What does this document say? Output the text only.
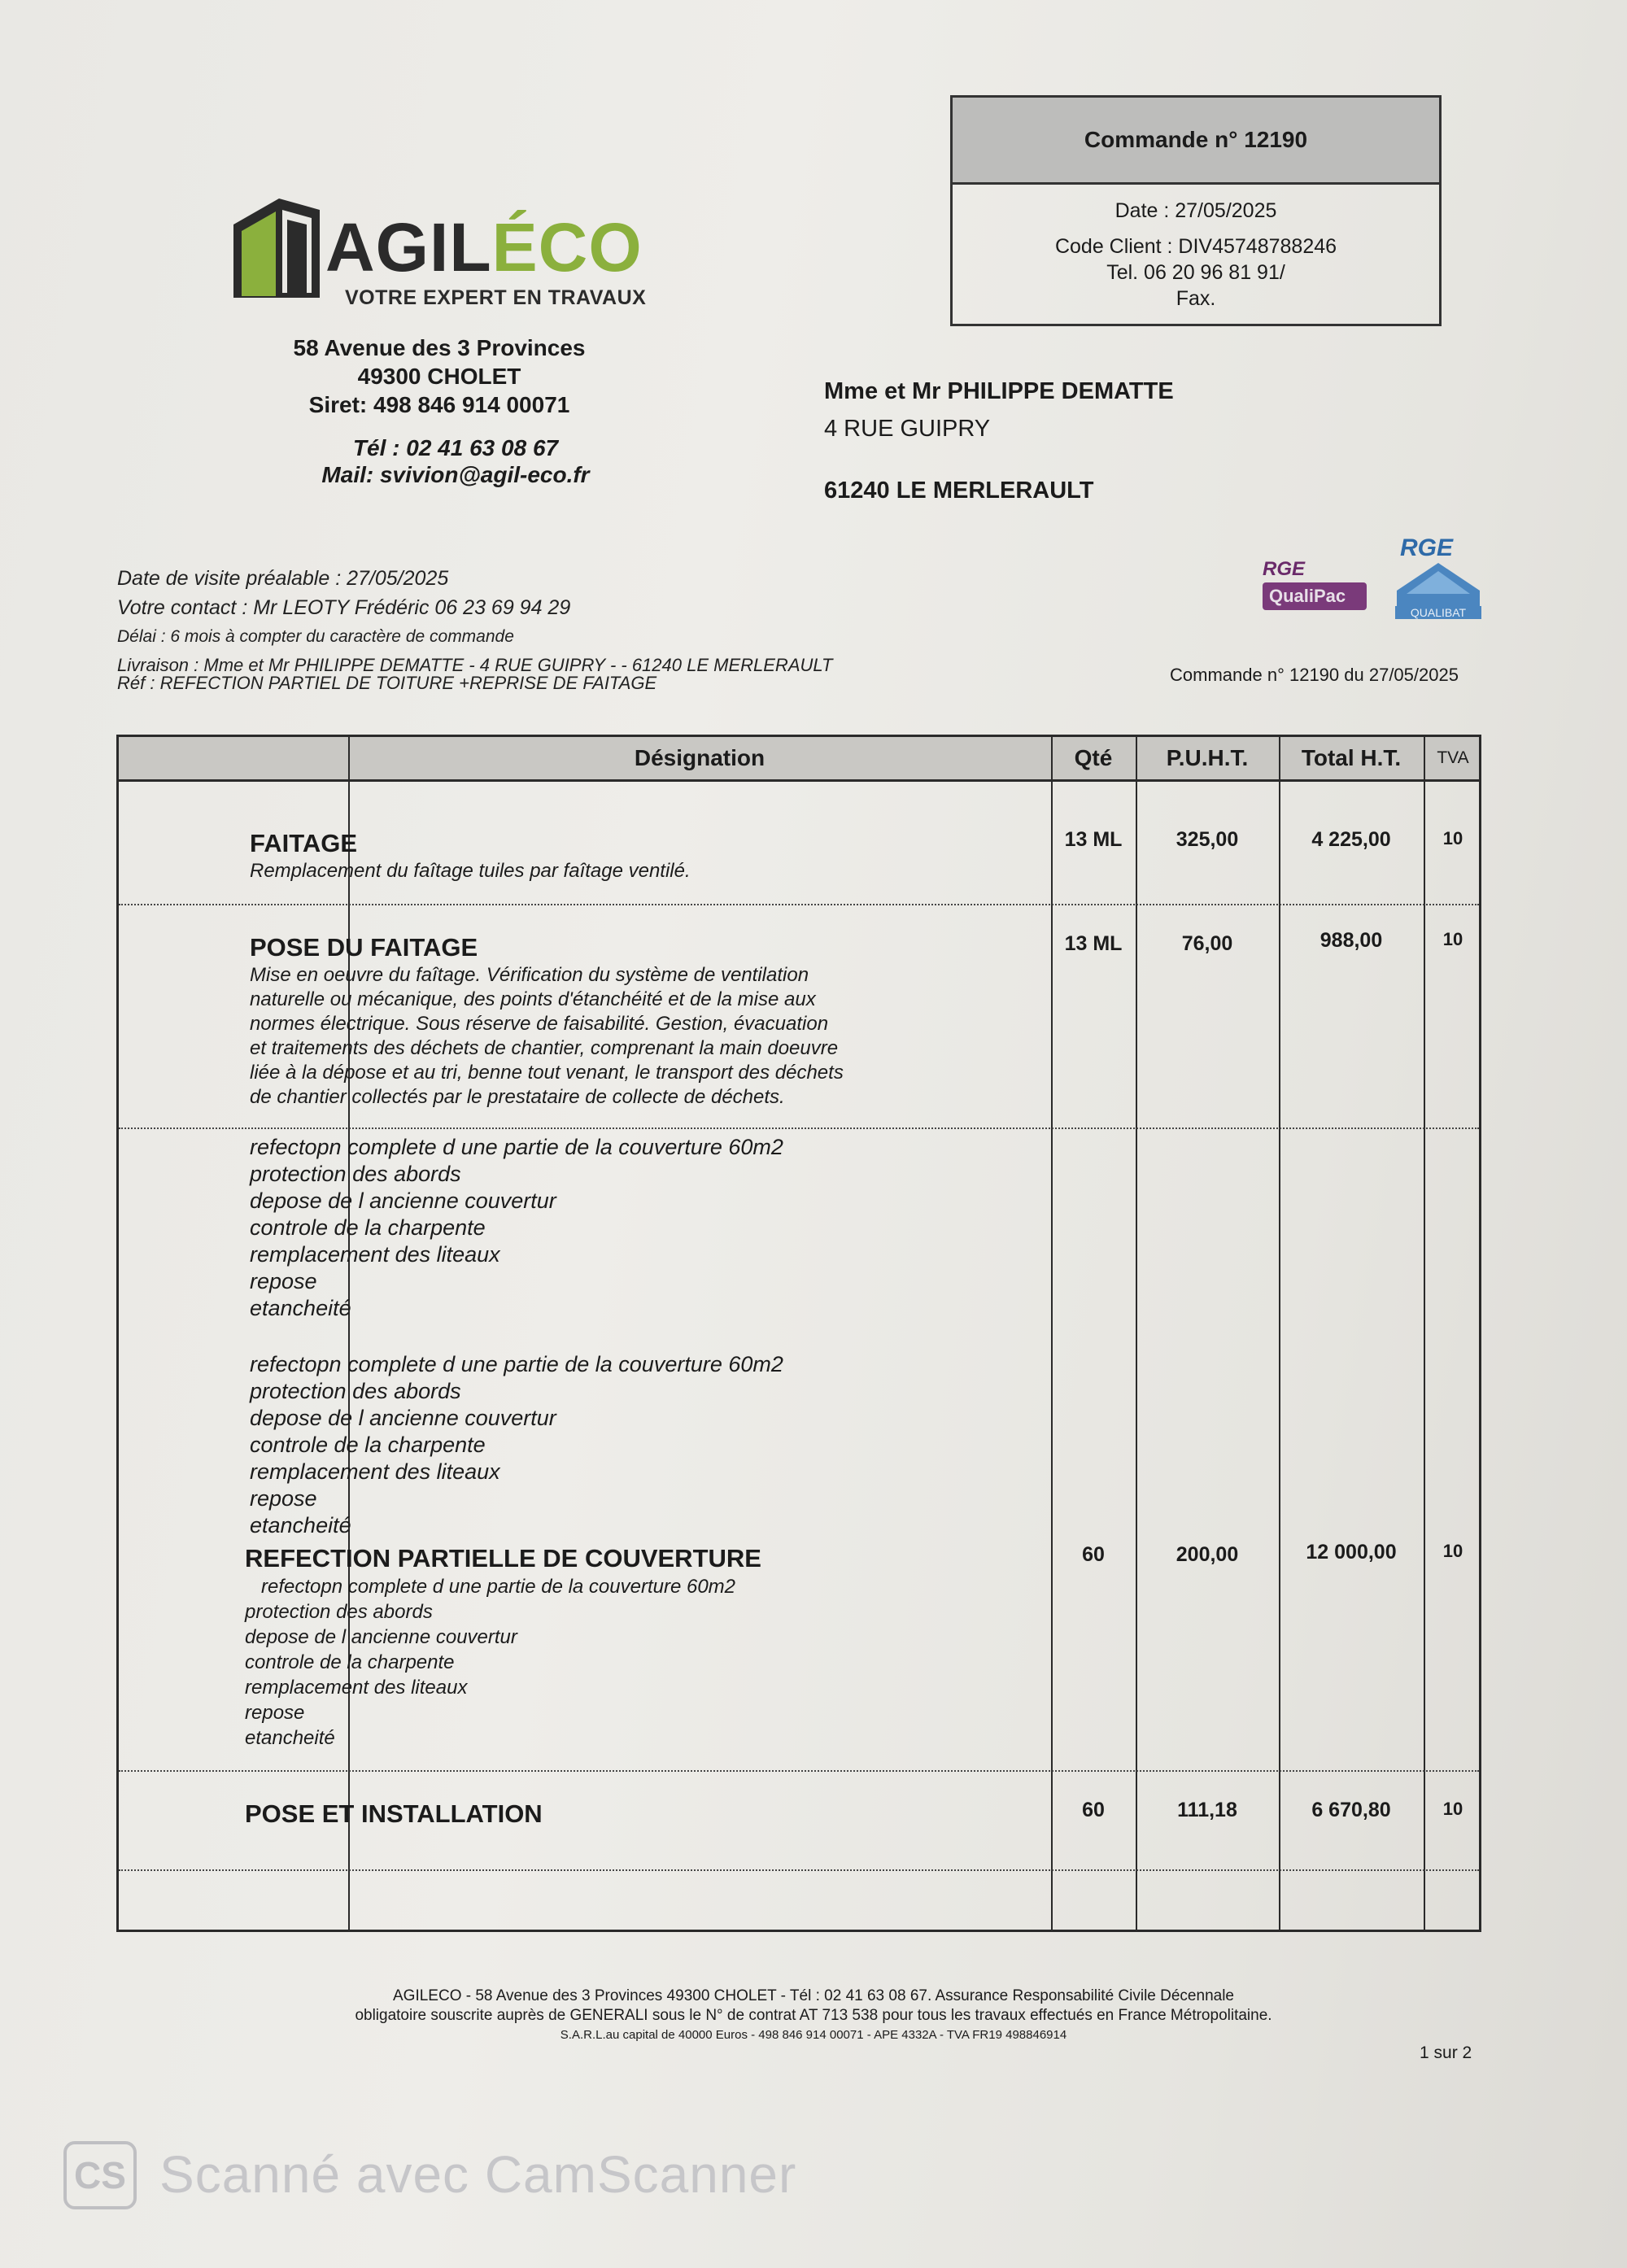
Commande n° 12190
Date : 27/05/2025
Code Client : DIV45748788246
Tel. 06 20 96 81 91/
Fax.
AGILÉCO
VOTRE EXPERT EN TRAVAUX
58 Avenue des 3 Provinces
49300 CHOLET
Siret: 498 846 914 00071
Tél : 02 41 63 08 67
Mail: svivion@agil-eco.fr
Mme et Mr PHILIPPE DEMATTE
4 RUE GUIPRY
61240 LE MERLERAULT
Date de visite préalable : 27/05/2025
Votre contact : Mr LEOTY Frédéric 06 23 69 94 29
Délai : 6 mois à compter du caractère de commande
Livraison : Mme et Mr PHILIPPE DEMATTE - 4 RUE GUIPRY - - 61240 LE MERLERAULT
Réf : REFECTION PARTIEL DE TOITURE +REPRISE DE FAITAGE	Commande n° 12190 du 27/05/2025
RGE
QualiPac
RGE
QUALIBAT
Désignation	Qté	P.U.H.T.	Total H.T.	TVA
FAITAGE
Remplacement du faîtage tuiles par faîtage ventilé.
13 ML	325,00	4 225,00	10
POSE DU FAITAGE
Mise en oeuvre du faîtage. Vérification du système de ventilation
naturelle ou mécanique, des points d'étanchéité et de la mise aux
normes électrique. Sous réserve de faisabilité. Gestion, évacuation
et traitements des déchets de chantier, comprenant la main doeuvre
liée à la dépose et au tri, benne tout venant, le transport des déchets
de chantier collectés par le prestataire de collecte de déchets.
13 ML	76,00	988,00	10
refectopn complete d une partie de la couverture 60m2
protection des abords
depose de l ancienne couvertur
controle de la charpente
remplacement des liteaux
repose
etancheité
refectopn complete d une partie de la couverture 60m2
protection des abords
depose de l ancienne couvertur
controle de la charpente
remplacement des liteaux
repose
etancheité
REFECTION PARTIELLE DE COUVERTURE
refectopn complete d une partie de la couverture 60m2
protection des abords
depose de l ancienne couvertur
controle de la charpente
remplacement des liteaux
repose
etancheité
60	200,00	12 000,00	10
POSE ET INSTALLATION	60	111,18	6 670,80	10
AGILECO - 58 Avenue des 3 Provinces 49300 CHOLET - Tél : 02 41 63 08 67. Assurance Responsabilité Civile Décennale
obligatoire souscrite auprès de GENERALI sous le N° de contrat AT 713 538 pour tous les travaux effectués en France Métropolitaine.
S.A.R.L.au capital de 40000 Euros - 498 846 914 00071 - APE 4332A - TVA FR19 498846914
1 sur 2
CS Scanné avec CamScanner
